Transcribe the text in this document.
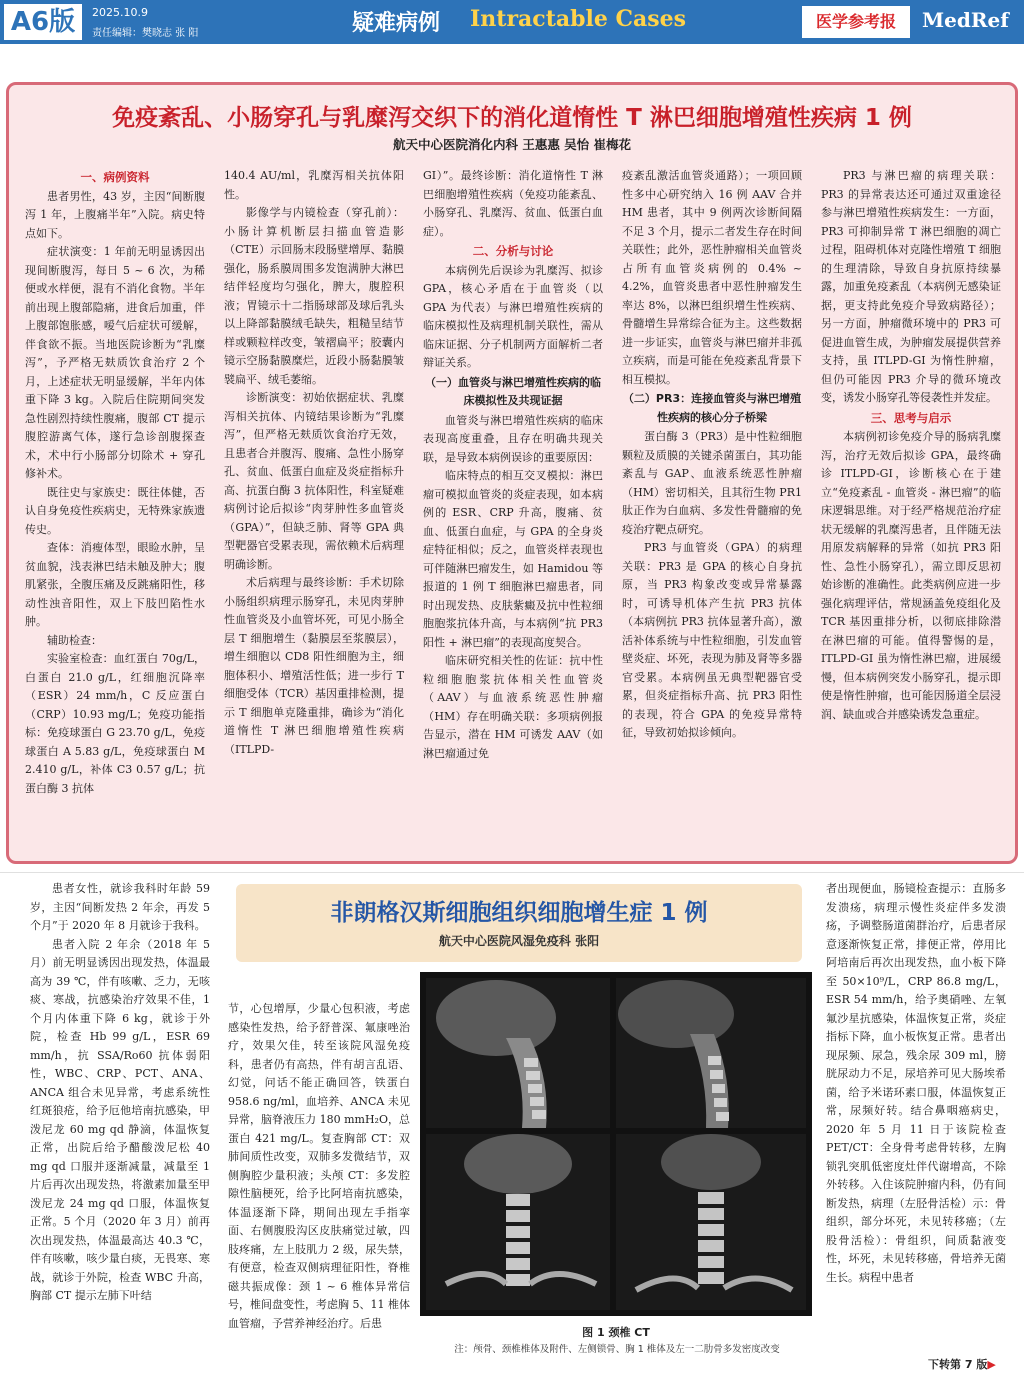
A6版	2025.10.9
责任编辑：樊晓志 张 阳	疑难病例 Intractable Cases	医学参考报	MedRef
免疫紊乱、小肠穿孔与乳糜泻交织下的消化道惰性 T 淋巴细胞增殖性疾病 1 例
航天中心医院消化内科 王惠惠 吴怡 崔梅花
一、病例资料

患者男性，43 岁，主因“间断腹泻 1 年，上腹痛半年”入院。病史特点如下。

症状演变：1 年前无明显诱因出现间断腹泻，每日 5 ~ 6 次，为稀便或水样便，混有不消化食物。半年前出现上腹部隐痛，进食后加重，伴上腹部饱胀感，嗳气后症状可缓解，伴食欲不振。当地医院诊断为“乳糜泻”，予严格无麸质饮食治疗 2 个月，上述症状无明显缓解，半年内体重下降 3 kg。入院后住院期间突发急性剧烈持续性腹痛，腹部 CT 提示腹腔游离气体，遂行急诊剖腹探查术，术中行小肠部分切除术 + 穿孔修补术。

既往史与家族史：既往体健，否认自身免疫性疾病史，无特殊家族遗传史。

查体：消瘦体型，眼睑水肿，呈贫血貌，浅表淋巴结未触及肿大；腹肌紧张，全腹压痛及反跳痛阳性，移动性浊音阳性，双上下肢凹陷性水肿。

辅助检查：

实验室检查：血红蛋白 70g/L，白蛋白 21.0 g/L，红细胞沉降率（ESR）24 mm/h，C 反应蛋白（CRP）10.93 mg/L；免疫功能指标：免疫球蛋白 G 23.70 g/L，免疫球蛋白 A 5.83 g/L，免疫球蛋白 M 2.410 g/L，补体 C3 0.57 g/L；抗蛋白酶 3 抗体

140.4 AU/ml，乳糜泻相关抗体阳性。

影像学与内镜检查（穿孔前）：小肠计算机断层扫描血管造影（CTE）示回肠末段肠壁增厚、黏膜强化，肠系膜周围多发饱满肿大淋巴结伴轻度均匀强化，脾大，腹腔积液；胃镜示十二指肠球部及球后乳头以上降部黏膜绒毛缺失，粗糙呈结节样或颗粒样改变，皱褶扁平；胶囊内镜示空肠黏膜糜烂，近段小肠黏膜皱襞扁平、绒毛萎缩。

诊断演变：初始依据症状、乳糜泻相关抗体、内镜结果诊断为“乳糜泻”，但严格无麸质饮食治疗无效，且患者合并腹泻、腹痛、急性小肠穿孔、贫血、低蛋白血症及炎症指标升高、抗蛋白酶 3 抗体阳性，科室疑难病例讨论后拟诊“肉芽肿性多血管炎（GPA）”，但缺乏肺、肾等 GPA 典型靶器官受累表现，需依赖术后病理明确诊断。

术后病理与最终诊断：手术切除小肠组织病理示肠穿孔，未见肉芽肿性血管炎及小血管坏死，可见小肠全层 T 细胞增生（黏膜层至浆膜层），增生细胞以 CD8 阳性细胞为主，细胞体积小、增殖活性低；进一步行 T 细胞受体（TCR）基因重排检测，提示 T 细胞单克隆重排，确诊为“消化道惰性 T 淋巴细胞增殖性疾病（ITLPD-

GI）”。最终诊断：消化道惰性 T 淋巴细胞增殖性疾病（免疫功能紊乱、小肠穿孔、乳糜泻、贫血、低蛋白血症）。

二、分析与讨论

本病例先后误诊为乳糜泻、拟诊 GPA，核心矛盾在于血管炎（以 GPA 为代表）与淋巴增殖性疾病的临床模拟性及病理机制关联性，需从临床证据、分子机制两方面解析二者辩证关系。

（一）血管炎与淋巴增殖性疾病的临床模拟性及共现证据

血管炎与淋巴增殖性疾病的临床表现高度重叠，且存在明确共现关联，是导致本病例误诊的重要原因：

临床特点的相互交叉模拟：淋巴瘤可模拟血管炎的炎症表现，如本病例的 ESR、CRP 升高，腹痛、贫血、低蛋白血症，与 GPA 的全身炎症特征相似；反之，血管炎样表现也可伴随淋巴瘤发生，如 Hamidou 等报道的 1 例 T 细胞淋巴瘤患者，同时出现发热、皮肤紫癜及抗中性粒细胞胞浆抗体升高，与本病例“抗 PR3 阳性 + 淋巴瘤”的表现高度契合。

临床研究相关性的佐证：抗中性粒细胞胞浆抗体相关性血管炎（AAV）与血液系统恶性肿瘤（HM）存在明确关联：多项病例报告显示，潜在 HM 可诱发 AAV（如淋巴瘤通过免

疫紊乱激活血管炎通路）；一项回顾性多中心研究纳入 16 例 AAV 合并 HM 患者，其中 9 例两次诊断间隔不足 3 个月，提示二者发生存在时间关联性；此外，恶性肿瘤相关血管炎占所有血管炎病例的 0.4% ~ 4.2%，血管炎患者中恶性肿瘤发生率达 8%，以淋巴组织增生性疾病、骨髓增生异常综合征为主。这些数据进一步证实，血管炎与淋巴瘤并非孤立疾病，而是可能在免疫紊乱背景下相互模拟。

（二）PR3：连接血管炎与淋巴增殖性疾病的核心分子桥梁

蛋白酶 3（PR3）是中性粒细胞颗粒及质膜的关键杀菌蛋白，其功能紊乱与 GAP、血液系统恶性肿瘤（HM）密切相关，且其衍生物 PR1 肽正作为白血病、多发性骨髓瘤的免疫治疗靶点研究。

PR3 与血管炎（GPA）的病理关联：PR3 是 GPA 的核心自身抗原，当 PR3 构象改变或异常暴露时，可诱导机体产生抗 PR3 抗体（本病例抗 PR3 抗体显著升高），激活补体系统与中性粒细胞，引发血管壁炎症、坏死，表现为肺及肾等多器官受累。本病例虽无典型靶器官受累，但炎症指标升高、抗 PR3 阳性的表现，符合 GPA 的免疫异常特征，导致初始拟诊倾向。

PR3 与淋巴瘤的病理关联：PR3 的异常表达还可通过双重途径参与淋巴增殖性疾病发生：一方面，PR3 可抑制异常 T 淋巴细胞的凋亡过程，阻碍机体对克隆性增殖 T 细胞的生理清除，导致自身抗原持续暴露，加重免疫紊乱（本病例无感染证据，更支持此免疫介导致病路径）；另一方面，肿瘤微环境中的 PR3 可促进血管生成，为肿瘤发展提供营养支持，虽 ITLPD-GI 为惰性肿瘤，但仍可能因 PR3 介导的微环境改变，诱发小肠穿孔等侵袭性并发症。

三、思考与启示

本病例初诊免疫介导的肠病乳糜泻，治疗无效后拟诊 GPA，最终确诊 ITLPD-GI，诊断核心在于建立“免疫紊乱 - 血管炎 - 淋巴瘤”的临床逻辑思维。对于经严格规范治疗症状无缓解的乳糜泻患者，且伴随无法用原发病解释的异常（如抗 PR3 阳性、急性小肠穿孔），需立即反思初始诊断的准确性。此类病例应进一步强化病理评估，常规涵盖免疫组化及 TCR 基因重排分析，以彻底排除潜在淋巴瘤的可能。值得警惕的是，ITLPD-GI 虽为惰性淋巴瘤，进展缓慢，但本病例突发小肠穿孔，提示即使是惰性肿瘤，也可能因肠道全层浸润、缺血或合并感染诱发急重症。

患者女性，就诊我科时年龄 59 岁，主因“间断发热 2 年余，再发 5 个月”于 2020 年 8 月就诊于我科。

患者入院 2 年余（2018 年 5 月）前无明显诱因出现发热，体温最高为 39 ℃，伴有咳嗽、乏力，无咳痰、寒战，抗感染治疗效果不佳，1 个月内体重下降 6 kg，就诊于外院，检查 Hb 99 g/L，ESR 69 mm/h，抗 SSA/Ro60 抗体弱阳性，WBC、CRP、PCT、ANA、ANCA 组合未见异常，考虑系统性红斑狼疮，给予厄他培南抗感染，甲泼尼龙 60 mg qd 静滴，体温恢复正常，出院后给予醋酸泼尼松 40 mg qd 口服并逐渐减量，减量至 1 片后再次出现发热，将激素加量至甲泼尼龙 24 mg qd 口服，体温恢复正常。5 个月（2020 年 3 月）前再次出现发热，体温最高达 40.3 ℃，伴有咳嗽，咳少量白痰，无畏寒、寒战，就诊于外院，检查 WBC 升高，胸部 CT 提示左肺下叶结

非朗格汉斯细胞组织细胞增生症 1 例
航天中心医院风湿免疫科 张阳

节，心包增厚，少量心包积液，考虑感染性发热，给予舒普深、氟康唑治疗，效果欠佳，转至该院风湿免疫科，患者仍有高热，伴有胡言乱语、幻觉，问话不能正确回答，铁蛋白 958.6 ng/ml，血培养、ANCA 未见异常，脑脊液压力 180 mmH₂O，总蛋白 421 mg/L。复查胸部 CT：双肺间质性改变，双肺多发微结节，双侧胸腔少量积液；头颅 CT：多发腔隙性脑梗死，给予比阿培南抗感染，体温逐渐下降，期间出现左手指挛面、右侧腹股沟区皮肤痛觉过敏，四肢疼痛，左上肢肌力 2 级，尿失禁，有便意，检查双侧病理征阳性，脊椎磁共振成像：颈 1 ~ 6 椎体异常信号，椎间盘变性，考虑胸 5、11 椎体血管瘤，予营养神经治疗。后患

图 1 颈椎 CT
注：颅骨、颈椎椎体及附件、左侧锁骨、胸 1 椎体及左一二肋骨多发密度改变

者出现便血，肠镜检查提示：直肠多发溃疡，病理示慢性炎症伴多发溃疡，予调整肠道菌群治疗，后患者尿意逐渐恢复正常，排便正常，停用比阿培南后再次出现发热，血小板下降至 50×10⁹/L，CRP 86.8 mg/L，ESR 54 mm/h，给予奥硝唑、左氧氟沙星抗感染，体温恢复正常，炎症指标下降，血小板恢复正常。患者出现尿频、尿急，残余尿 309 ml，膀胱尿动力不足，尿培养可见大肠埃希菌，给予米诺环素口服，体温恢复正常，尿频好转。结合鼻咽癌病史，2020 年 5 月 11 日于该院检查 PET/CT：全身骨考虑骨转移，左胸锁乳突肌低密度灶伴代谢增高，不除外转移。入住该院肿瘤内科，仍有间断发热，病理（左胫骨活检）示：骨组织，部分坏死，未见转移癌；（左股骨活检）：骨组织，间质黏液变性，坏死，未见转移癌，骨培养无菌生长。病程中患者

下转第 7 版▶
